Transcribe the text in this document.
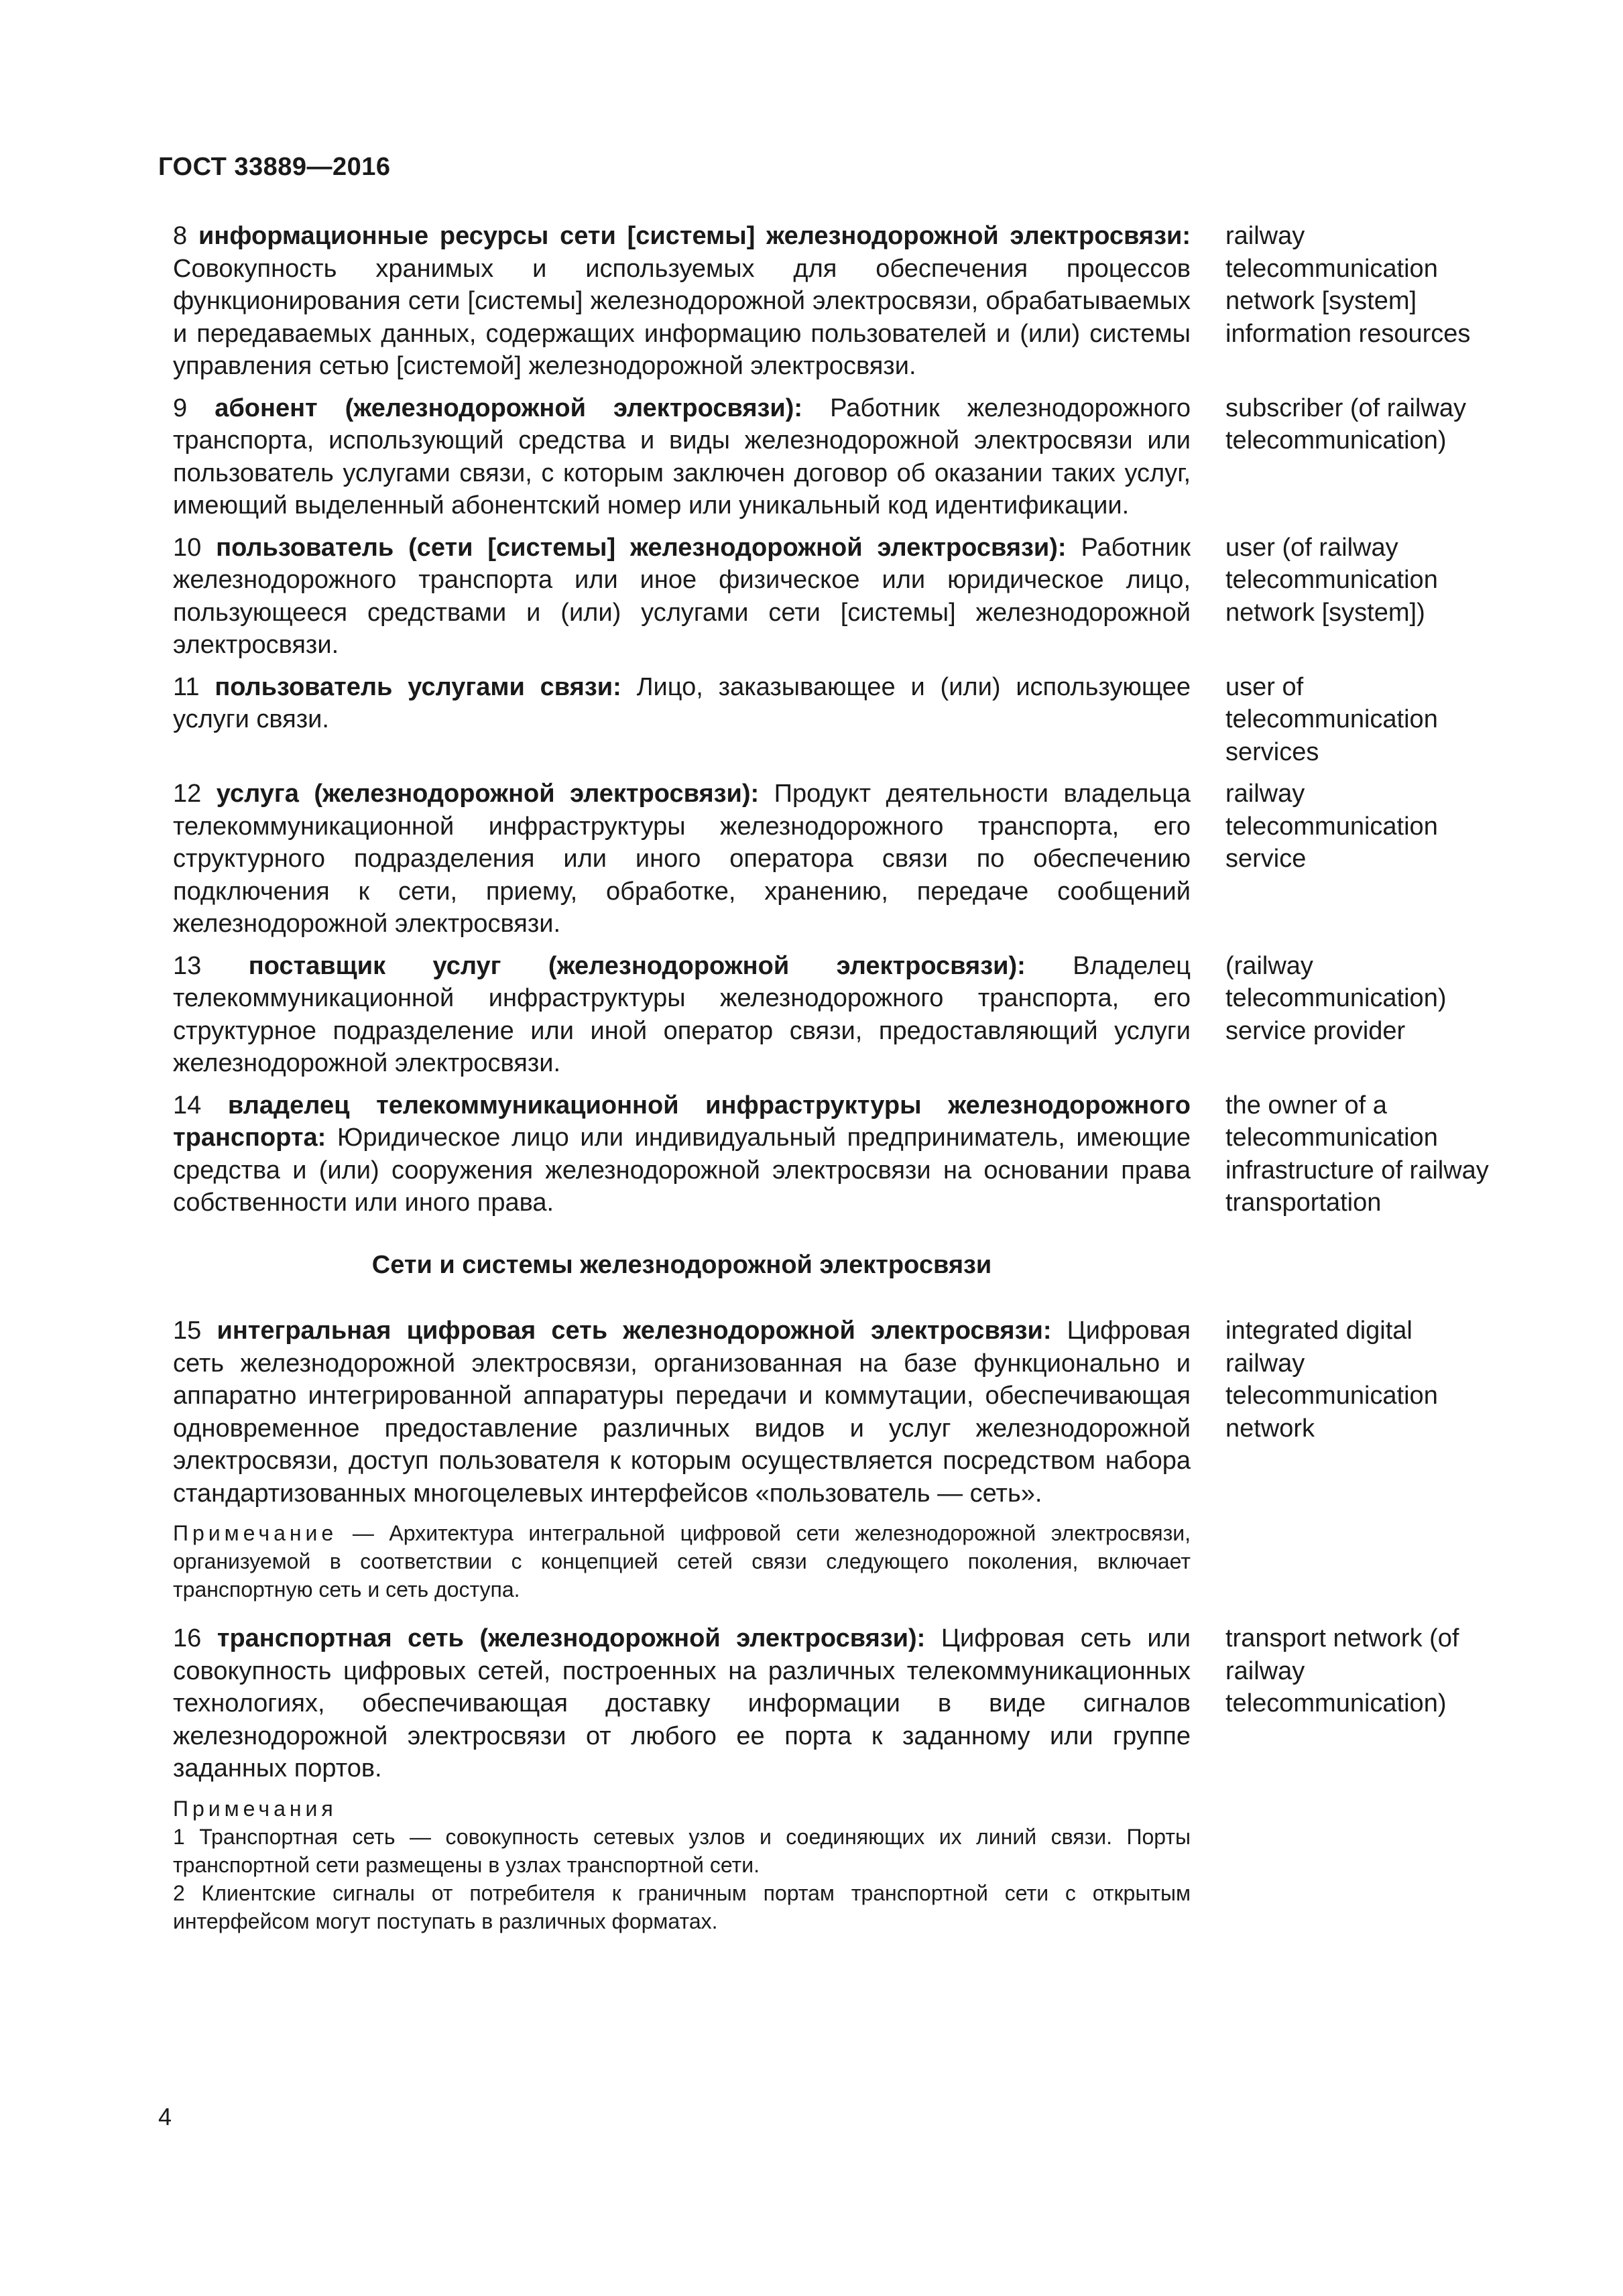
ГОСТ 33889—2016
8 информационные ресурсы сети [системы] железнодорожной электросвязи: Совокупность хранимых и используемых для обеспечения процессов функционирования сети [системы] железнодорожной электросвязи, обрабатываемых и передаваемых данных, содержащих информацию пользователей и (или) системы управления сетью [системой] железнодорожной электросвязи.
railway telecommunication network [system] information resources
9 абонент (железнодорожной электросвязи): Работник железнодорожного транспорта, использующий средства и виды железнодорожной электросвязи или пользователь услугами связи, с которым заключен договор об оказании таких услуг, имеющий выделенный абонентский номер или уникальный код идентификации.
subscriber (of railway telecommunication)
10 пользователь (сети [системы] железнодорожной электросвязи): Работник железнодорожного транспорта или иное физическое или юридическое лицо, пользующееся средствами и (или) услугами сети [системы] железнодорожной электросвязи.
user (of railway telecommunication network [system])
11 пользователь услугами связи: Лицо, заказывающее и (или) использующее услуги связи.
user of telecommunication services
12 услуга (железнодорожной электросвязи): Продукт деятельности владельца телекоммуникационной инфраструктуры железнодорожного транспорта, его структурного подразделения или иного оператора связи по обеспечению подключения к сети, приему, обработке, хранению, передаче сообщений железнодорожной электросвязи.
railway telecommunication service
13 поставщик услуг (железнодорожной электросвязи): Владелец телекоммуникационной инфраструктуры железнодорожного транспорта, его структурное подразделение или иной оператор связи, предоставляющий услуги железнодорожной электросвязи.
(railway telecommunication) service provider
14 владелец телекоммуникационной инфраструктуры железнодорожного транспорта: Юридическое лицо или индивидуальный предприниматель, имеющие средства и (или) сооружения железнодорожной электросвязи на основании права собственности или иного права.
the owner of a telecommunication infrastructure of railway transportation
Сети и системы железнодорожной электросвязи
15 интегральная цифровая сеть железнодорожной электросвязи: Цифровая сеть железнодорожной электросвязи, организованная на базе функционально и аппаратно интегрированной аппаратуры передачи и коммутации, обеспечивающая одновременное предоставление различных видов и услуг железнодорожной электросвязи, доступ пользователя к которым осуществляется посредством набора стандартизованных многоцелевых интерфейсов «пользователь — сеть».
integrated digital railway telecommunication network
Примечание — Архитектура интегральной цифровой сети железнодорожной электросвязи, организуемой в соответствии с концепцией сетей связи следующего поколения, включает транспортную сеть и сеть доступа.
16 транспортная сеть (железнодорожной электросвязи): Цифровая сеть или совокупность цифровых сетей, построенных на различных телекоммуникационных технологиях, обеспечивающая доставку информации в виде сигналов железнодорожной электросвязи от любого ее порта к заданному или группе заданных портов.
transport network (of railway telecommunication)

Примечания

1 Транспортная сеть — совокупность сетевых узлов и соединяющих их линий связи. Порты транспортной сети размещены в узлах транспортной сети.

2 Клиентские сигналы от потребителя к граничным портам транспортной сети с открытым интерфейсом могут поступать в различных форматах.

4
